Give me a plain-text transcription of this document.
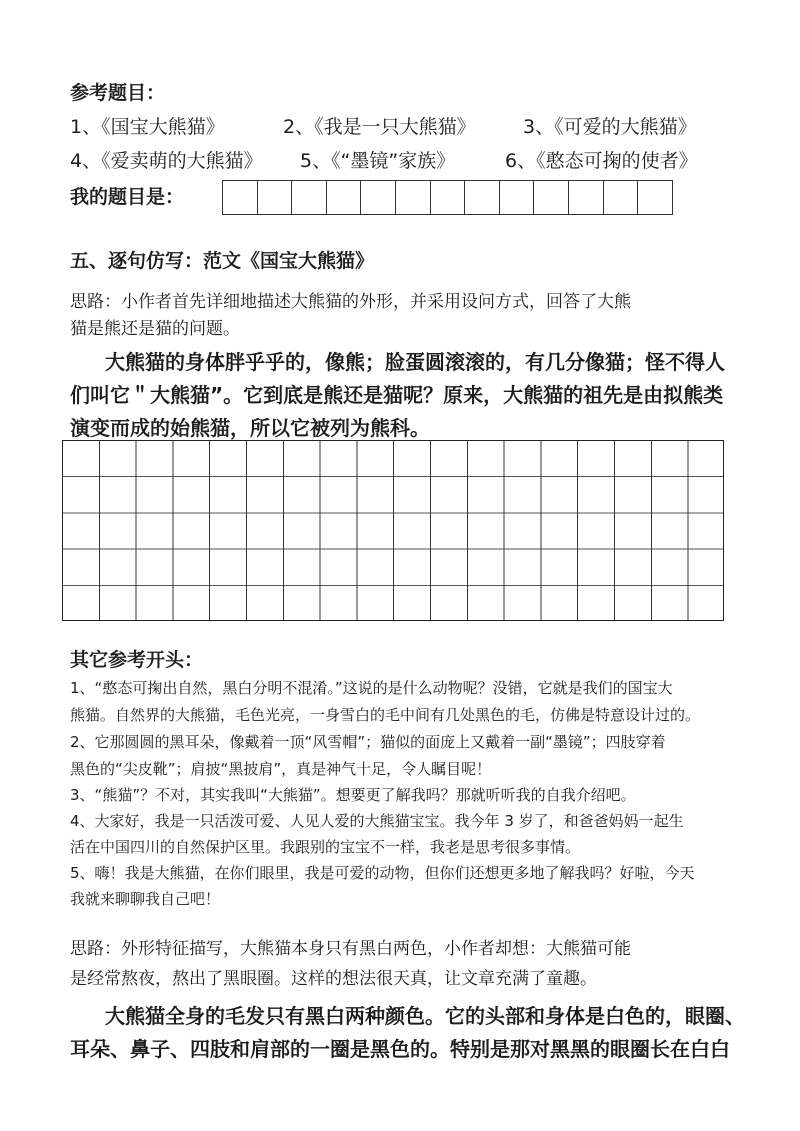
参考题目：
1、《国宝大熊猫》	2、《我是一只大熊猫》 3、《可爱的大熊猫》
4、《爱卖萌的大熊猫》 5、《“墨镜”家族》	6、《憨态可掬的使者》
我的题目是：
五、逐句仿写：范文《国宝大熊猫》
思路：小作者首先详细地描述大熊猫的外形，并采用设问方式，回答了大熊
猫是熊还是猫的问题。
大熊猫的身体胖乎乎的，像熊；脸蛋圆滚滚的，有几分像猫；怪不得人
们叫它＂大熊猫”。它到底是熊还是猫呢？原来，大熊猫的祖先是由拟熊类
演变而成的始熊猫，所以它被列为熊科。
其它参考开头：
1、“憨态可掬出自然，黑白分明不混淆。”这说的是什么动物呢？没错，它就是我们的国宝大
熊猫。自然界的大熊猫，毛色光亮，一身雪白的毛中间有几处黑色的毛，仿佛是特意设计过的。
2、它那圆圆的黑耳朵，像戴着一顶“风雪帽”；猫似的面庞上又戴着一副“墨镜”；四肢穿着
黑色的“尖皮靴”；肩披“黑披肩”，真是神气十足，令人瞩目呢！
3、“熊猫”？不对，其实我叫“大熊猫”。想要更了解我吗？那就听听我的自我介绍吧。
4、大家好，我是一只活泼可爱、人见人爱的大熊猫宝宝。我今年 3 岁了，和爸爸妈妈一起生
活在中国四川的自然保护区里。我跟别的宝宝不一样，我老是思考很多事情。
5、嗨！我是大熊猫，在你们眼里，我是可爱的动物，但你们还想更多地了解我吗？好啦，今天
我就来聊聊我自己吧！
思路：外形特征描写，大熊猫本身只有黑白两色，小作者却想：大熊猫可能
是经常熬夜，熬出了黑眼圈。这样的想法很天真，让文章充满了童趣。
大熊猫全身的毛发只有黑白两种颜色。它的头部和身体是白色的，眼圈、
耳朵、鼻子、四肢和肩部的一圈是黑色的。特别是那对黑黑的眼圈长在白白
